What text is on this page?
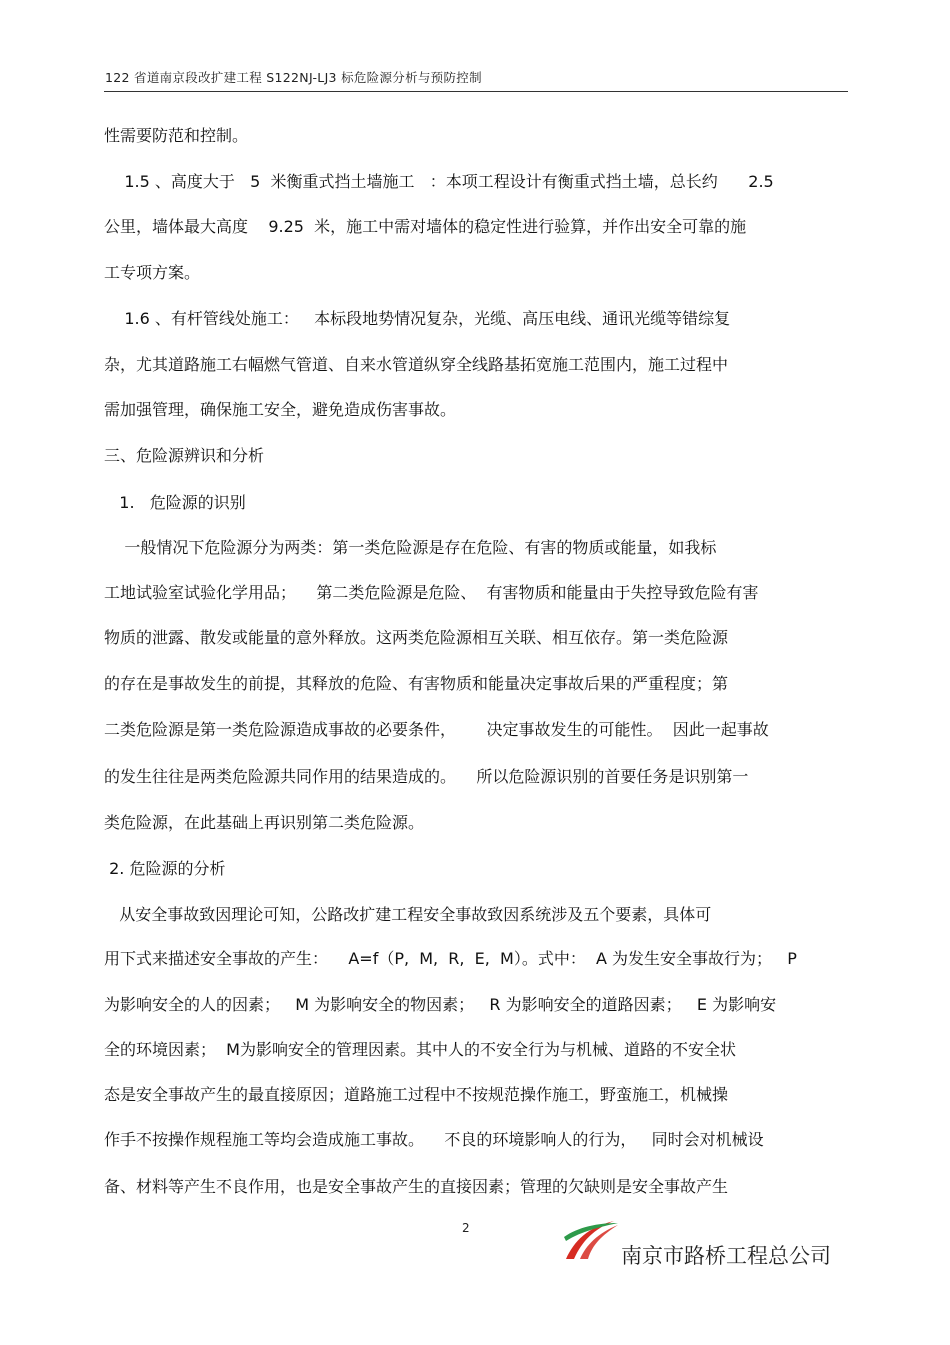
122 省道南京段改扩建工程 S122NJ-LJ3 标危险源分析与预防控制
性需要防范和控制。
1.5 、高度大于   5  米衡重式挡土墙施工   ：本项工程设计有衡重式挡土墙，总长约      2.5
公里，墙体最大高度    9.25  米，施工中需对墙体的稳定性进行验算，并作出安全可靠的施
工专项方案。
1.6 、有杆管线处施工：   本标段地势情况复杂，光缆、高压电线、通讯光缆等错综复
杂，尤其道路施工右幅燃气管道、自来水管道纵穿全线路基拓宽施工范围内，施工过程中
需加强管理，确保施工安全，避免造成伤害事故。
三、危险源辨识和分析
1.   危险源的识别
一般情况下危险源分为两类：第一类危险源是存在危险、有害的物质或能量，如我标
工地试验室试验化学用品；    第二类危险源是危险、  有害物质和能量由于失控导致危险有害
物质的泄露、散发或能量的意外释放。这两类危险源相互关联、相互依存。第一类危险源
的存在是事故发生的前提，其释放的危险、有害物质和能量决定事故后果的严重程度；第
二类危险源是第一类危险源造成事故的必要条件，      决定事故发生的可能性。  因此一起事故
的发生往往是两类危险源共同作用的结果造成的。    所以危险源识别的首要任务是识别第一
类危险源，在此基础上再识别第二类危险源。
2. 危险源的分析
从安全事故致因理论可知，公路改扩建工程安全事故致因系统涉及五个要素，具体可
用下式来描述安全事故的产生：    A=f（P,  M,  R,  E,  M）。式中：  A 为发生安全事故行为；   P
为影响安全的人的因素；   M 为影响安全的物因素；   R 为影响安全的道路因素；   E 为影响安
全的环境因素；  M为影响安全的管理因素。其中人的不安全行为与机械、道路的不安全状
态是安全事故产生的最直接原因；道路施工过程中不按规范操作施工，野蛮施工，机械操
作手不按操作规程施工等均会造成施工事故。    不良的环境影响人的行为，   同时会对机械设
备、材料等产生不良作用，也是安全事故产生的直接因素；管理的欠缺则是安全事故产生
2
南京市路桥工程总公司
